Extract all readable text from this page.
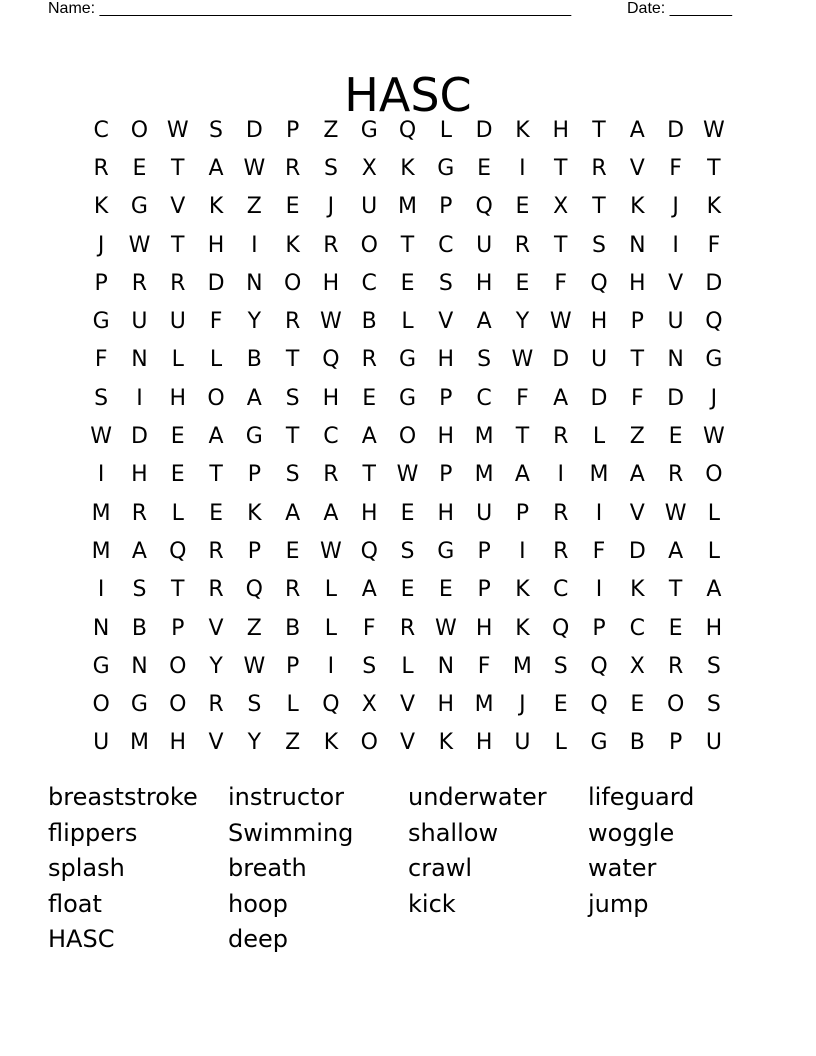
Name: _____________________________________________________	Date: _______
HASC
C O W S	D	P	Z	G Q	L	D	K	H	T	A	D W
R	E	T	A W R	S	X	K	G	E	I	T	R	V	F	T
K	G	V	K	Z	E	J	U M	P	Q	E	X	T	K	J	K
J	W T	H	I	K	R O	T	C	U	R	T	S	N	I	F
P	R	R	D N O H	C	E	S	H	E	F	Q H	V	D
G U	U	F	Y	R W B	L	V	A	Y W H	P	U Q
F	N	L	L	B	T	Q R	G H	S W D U	T	N G
S	I	H O	A	S	H	E	G	P	C	F	A	D	F	D	J
W D	E	A	G	T	C	A	O H M	T	R	L	Z	E W
I	H	E	T	P	S	R	T W P	M A	I	M A	R O
M R	L	E	K	A	A	H	E	H U	P	R	I	V W L
M A	Q R	P	E W Q	S	G	P	I	R	F	D	A	L
I	S	T	R Q R	L	A	E	E	P	K	C	I	K	T	A
N	B	P	V	Z	B	L	F	R W H	K	Q	P	C	E	H
G N O	Y W P	I	S	L	N	F	M S	Q	X	R	S
O G O R	S	L	Q	X	V	H M	J	E	Q	E	O	S
U M H	V	Y	Z	K	O	V	K	H U	L	G	B	P	U
breaststroke	instructor	underwater	lifeguard
flippers	Swimming	shallow	woggle
splash	breath	crawl	water
float	hoop	kick	jump
HASC	deep
